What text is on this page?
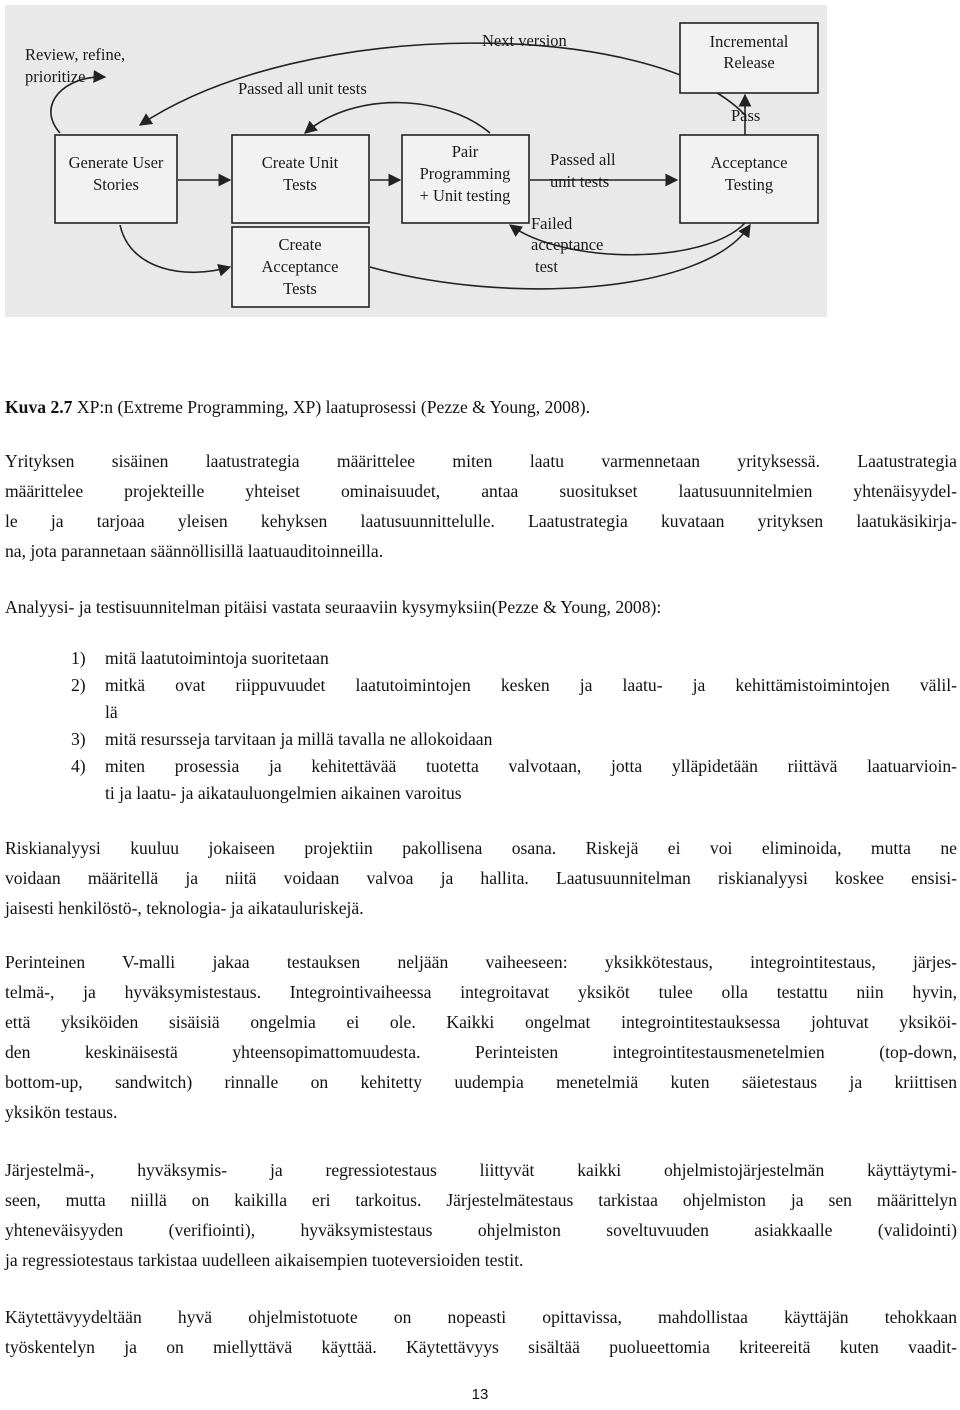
Generate User
Stories
Create Unit
Tests
Pair
Programming
+ Unit testing
Acceptance
Testing
Incremental
Release
Create
Acceptance
Tests
Review, refine,
prioritize
Next version
Passed all unit tests
Passed all
unit tests
Failed
acceptance
test
Pass
Kuva 2.7 XP:n (Extreme Programming, XP) laatuprosessi (Pezze & Young, 2008).
Yrityksen sisäinen laatustrategia määrittelee miten laatu varmennetaan yrityksessä. Laatustrategia
määrittelee projekteille yhteiset ominaisuudet, antaa suositukset laatusuunnitelmien yhtenäisyydel-
le ja tarjoaa yleisen kehyksen laatusuunnittelulle. Laatustrategia kuvataan yrityksen laatukäsikirja-
na, jota parannetaan säännöllisillä laatuauditoinneilla.
Analyysi- ja testisuunnitelman pitäisi vastata seuraaviin kysymyksiin(Pezze & Young, 2008):
1) mitä laatutoimintoja suoritetaan
2) mitkä ovat riippuvuudet laatutoimintojen kesken ja laatu- ja kehittämistoimintojen välil-
lä
3) mitä resursseja tarvitaan ja millä tavalla ne allokoidaan
4) miten prosessia ja kehitettävää tuotetta valvotaan, jotta ylläpidetään riittävä laatuarvioin-
ti ja laatu- ja aikatauluongelmien aikainen varoitus
Riskianalyysi kuuluu jokaiseen projektiin pakollisena osana. Riskejä ei voi eliminoida, mutta ne
voidaan määritellä ja niitä voidaan valvoa ja hallita. Laatusuunnitelman riskianalyysi koskee ensisi-
jaisesti henkilöstö-, teknologia- ja aikatauluriskejä.
Perinteinen V-malli jakaa testauksen neljään vaiheeseen: yksikkötestaus, integrointitestaus, järjes-
telmä-, ja hyväksymistestaus. Integrointivaiheessa integroitavat yksiköt tulee olla testattu niin hyvin,
että yksiköiden sisäisiä ongelmia ei ole. Kaikki ongelmat integrointitestauksessa johtuvat yksiköi-
den keskinäisestä yhteensopimattomuudesta. Perinteisten integrointitestausmenetelmien (top-down,
bottom-up, sandwitch) rinnalle on kehitetty uudempia menetelmiä kuten säietestaus ja kriittisen
yksikön testaus.
Järjestelmä-, hyväksymis- ja regressiotestaus liittyvät kaikki ohjelmistojärjestelmän käyttäytymi-
seen, mutta niillä on kaikilla eri tarkoitus. Järjestelmätestaus tarkistaa ohjelmiston ja sen määrittelyn
yhteneväisyyden (verifiointi), hyväksymistestaus ohjelmiston soveltuvuuden asiakkaalle (validointi)
ja regressiotestaus tarkistaa uudelleen aikaisempien tuoteversioiden testit.
Käytettävyydeltään hyvä ohjelmistotuote on nopeasti opittavissa, mahdollistaa käyttäjän tehokkaan
työskentelyn ja on miellyttävä käyttää. Käytettävyys sisältää puolueettomia kriteereitä kuten vaadit-
13
